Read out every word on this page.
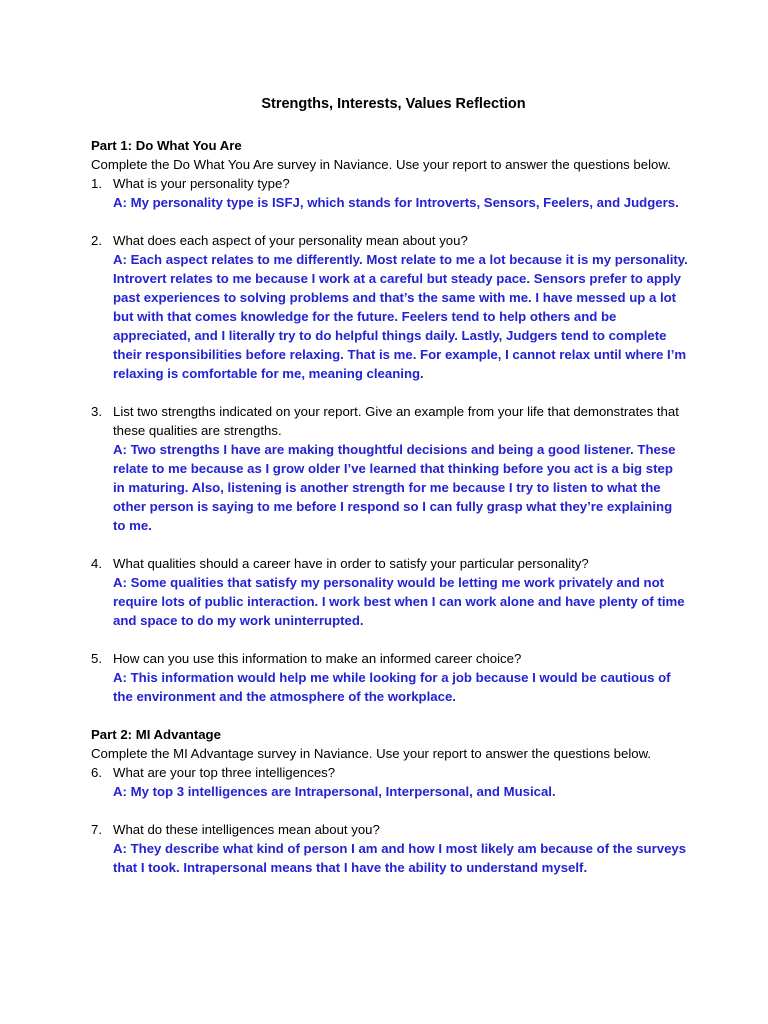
Strengths, Interests, Values Reflection

Part 1: Do What You Are

Complete the Do What You Are survey in Naviance. Use your report to answer the questions below.

1. What is your personality type?

A: My personality type is ISFJ, which stands for Introverts, Sensors, Feelers, and Judgers.

2. What does each aspect of your personality mean about you?

A: Each aspect relates to me differently. Most relate to me a lot because it is my personality. Introvert relates to me because I work at a careful but steady pace. Sensors prefer to apply past experiences to solving problems and that’s the same with me. I have messed up a lot but with that comes knowledge for the future. Feelers tend to help others and be appreciated, and I literally try to do helpful things daily. Lastly, Judgers tend to complete their responsibilities before relaxing. That is me. For example, I cannot relax until where I’m relaxing is comfortable for me, meaning cleaning.

3. List two strengths indicated on your report. Give an example from your life that demonstrates that these qualities are strengths.

A: Two strengths I have are making thoughtful decisions and being a good listener. These relate to me because as I grow older I’ve learned that thinking before you act is a big step in maturing. Also, listening is another strength for me because I try to listen to what the other person is saying to me before I respond so I can fully grasp what they’re explaining to me.

4. What qualities should a career have in order to satisfy your particular personality?

A: Some qualities that satisfy my personality would be letting me work privately and not require lots of public interaction. I work best when I can work alone and have plenty of time and space to do my work uninterrupted.

5. How can you use this information to make an informed career choice?

A: This information would help me while looking for a job because I would be cautious of the environment and the atmosphere of the workplace.

Part 2: MI Advantage

Complete the MI Advantage survey in Naviance. Use your report to answer the questions below.

6. What are your top three intelligences?

A: My top 3 intelligences are Intrapersonal, Interpersonal, and Musical.

7. What do these intelligences mean about you?

A: They describe what kind of person I am and how I most likely am because of the surveys that I took. Intrapersonal means that I have the ability to understand myself.
